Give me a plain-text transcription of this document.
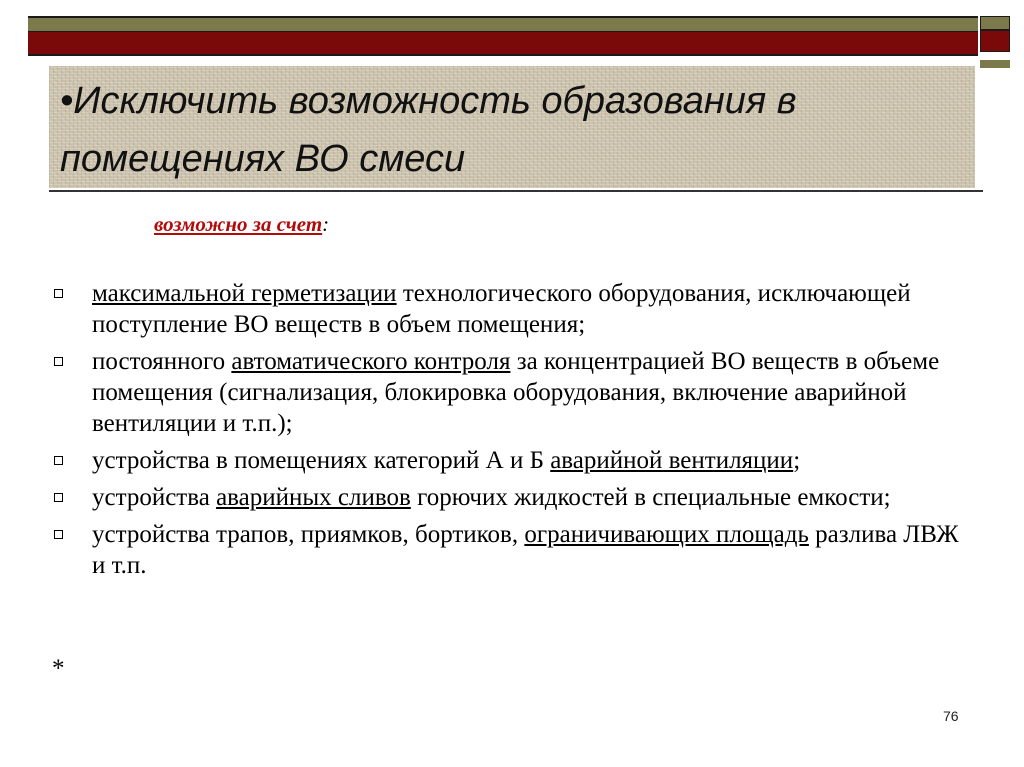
•Исключить возможность образования в помещениях ВО смеси
возможно за счет:
максимальной герметизации технологического оборудования, исключающей поступление ВО веществ в объем помещения;
постоянного автоматического контроля за концентрацией ВО веществ в объеме помещения (сигнализация, блокировка оборудования, включение аварийной вентиляции и т.п.);
устройства в помещениях категорий А и Б аварийной вентиляции;
устройства аварийных сливов горючих жидкостей в специальные емкости;
устройства трапов, приямков, бортиков, ограничивающих площадь разлива ЛВЖ и т.п.
*
76
